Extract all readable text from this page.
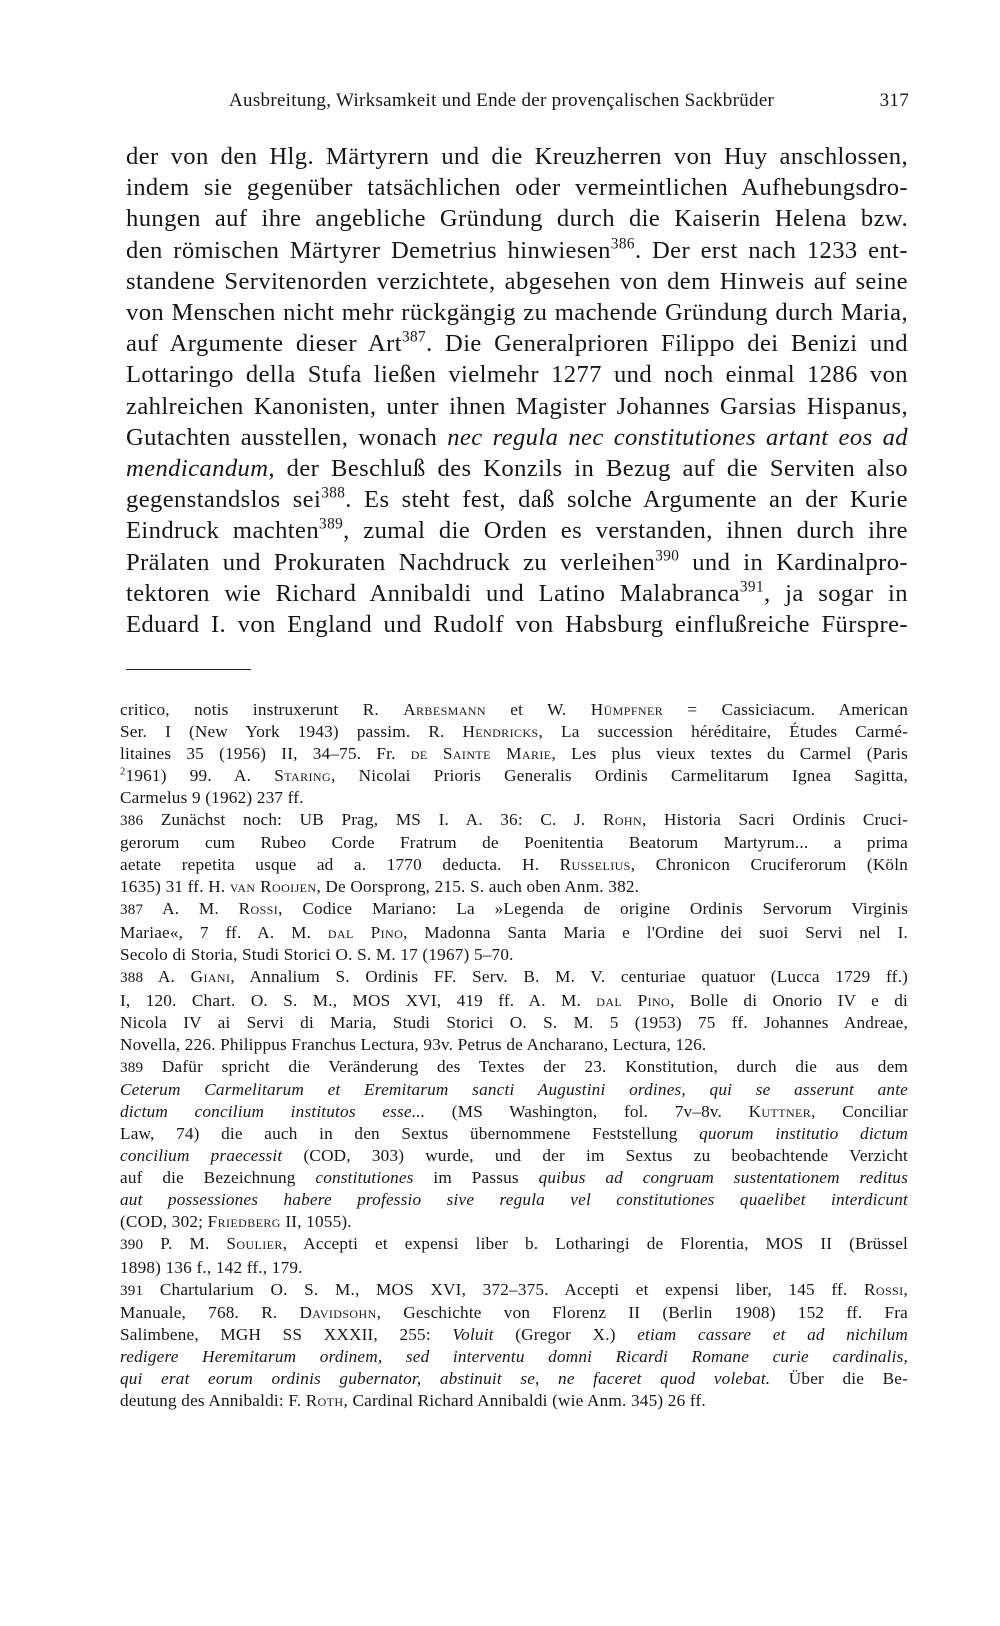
Ausbreitung, Wirksamkeit und Ende der provençalischen Sackbrüder	317
der von den Hlg. Märtyrern und die Kreuzherren von Huy anschlossen,
indem sie gegenüber tatsächlichen oder vermeintlichen Aufhebungsdro-
hungen auf ihre angebliche Gründung durch die Kaiserin Helena bzw.
den römischen Märtyrer Demetrius hinwiesen$^{386}$. Der erst nach 1233 ent-
standene Servitenorden verzichtete, abgesehen von dem Hinweis auf seine
von Menschen nicht mehr rückgängig zu machende Gründung durch Maria,
auf Argumente dieser Art$^{387}$. Die Generalprioren Filippo dei Benizi und
Lottaringo della Stufa ließen vielmehr 1277 und noch einmal 1286 von
zahlreichen Kanonisten, unter ihnen Magister Johannes Garsias Hispanus,
Gutachten ausstellen, wonach nec regula nec constitutiones artant eos ad
mendicandum, der Beschluß des Konzils in Bezug auf die Serviten also
gegenstandslos sei$^{388}$. Es steht fest, daß solche Argumente an der Kurie
Eindruck machten$^{389}$, zumal die Orden es verstanden, ihnen durch ihre
Prälaten und Prokuraten Nachdruck zu verleihen$^{390}$ und in Kardinalpro-
tektoren wie Richard Annibaldi und Latino Malabranca$^{391}$, ja sogar in
Eduard I. von England und Rudolf von Habsburg einflußreiche Fürspre-
critico, notis instruxerunt R. Arbesmann et W. Hümpfner = Cassiciacum. American
Ser. I (New York 1943) passim. R. Hendricks, La succession héréditaire, Études Carmé-
litaines 35 (1956) II, 34–75. Fr. de Sainte Marie, Les plus vieux textes du Carmel (Paris
$^2$1961) 99. A. Staring, Nicolai Prioris Generalis Ordinis Carmelitarum Ignea Sagitta,
Carmelus 9 (1962) 237 ff.
386 Zunächst noch: UB Prag, MS I. A. 36: C. J. Rohn, Historia Sacri Ordinis Cruci-
gerorum cum Rubeo Corde Fratrum de Poenitentia Beatorum Martyrum... a prima
aetate repetita usque ad a. 1770 deducta. H. Russelius, Chronicon Cruciferorum (Köln
1635) 31 ff. H. van Rooijen, De Oorsprong, 215. S. auch oben Anm. 382.
387 A. M. Rossi, Codice Mariano: La »Legenda de origine Ordinis Servorum Virginis
Mariae«, 7 ff. A. M. dal Pino, Madonna Santa Maria e l'Ordine dei suoi Servi nel I.
Secolo di Storia, Studi Storici O. S. M. 17 (1967) 5–70.
388 A. Giani, Annalium S. Ordinis FF. Serv. B. M. V. centuriae quatuor (Lucca 1729 ff.)
I, 120. Chart. O. S. M., MOS XVI, 419 ff. A. M. dal Pino, Bolle di Onorio IV e di
Nicola IV ai Servi di Maria, Studi Storici O. S. M. 5 (1953) 75 ff. Johannes Andreae,
Novella, 226. Philippus Franchus Lectura, 93v. Petrus de Ancharano, Lectura, 126.
389 Dafür spricht die Veränderung des Textes der 23. Konstitution, durch die aus dem
Ceterum Carmelitarum et Eremitarum sancti Augustini ordines, qui se asserunt ante
dictum concilium institutos esse... (MS Washington, fol. 7v–8v. Kuttner, Conciliar
Law, 74) die auch in den Sextus übernommene Feststellung quorum institutio dictum
concilium praecessit (COD, 303) wurde, und der im Sextus zu beobachtende Verzicht
auf die Bezeichnung constitutiones im Passus quibus ad congruam sustentationem reditus
aut possessiones habere professio sive regula vel constitutiones quaelibet interdicunt
(COD, 302; Friedberg II, 1055).
390 P. M. Soulier, Accepti et expensi liber b. Lotharingi de Florentia, MOS II (Brüssel
1898) 136 f., 142 ff., 179.
391 Chartularium O. S. M., MOS XVI, 372–375. Accepti et expensi liber, 145 ff. Rossi,
Manuale, 768. R. Davidsohn, Geschichte von Florenz II (Berlin 1908) 152 ff. Fra
Salimbene, MGH SS XXXII, 255: Voluit (Gregor X.) etiam cassare et ad nichilum
redigere Heremitarum ordinem, sed interventu domni Ricardi Romane curie cardinalis,
qui erat eorum ordinis gubernator, abstinuit se, ne faceret quod volebat. Über die Be-
deutung des Annibaldi: F. Roth, Cardinal Richard Annibaldi (wie Anm. 345) 26 ff.
